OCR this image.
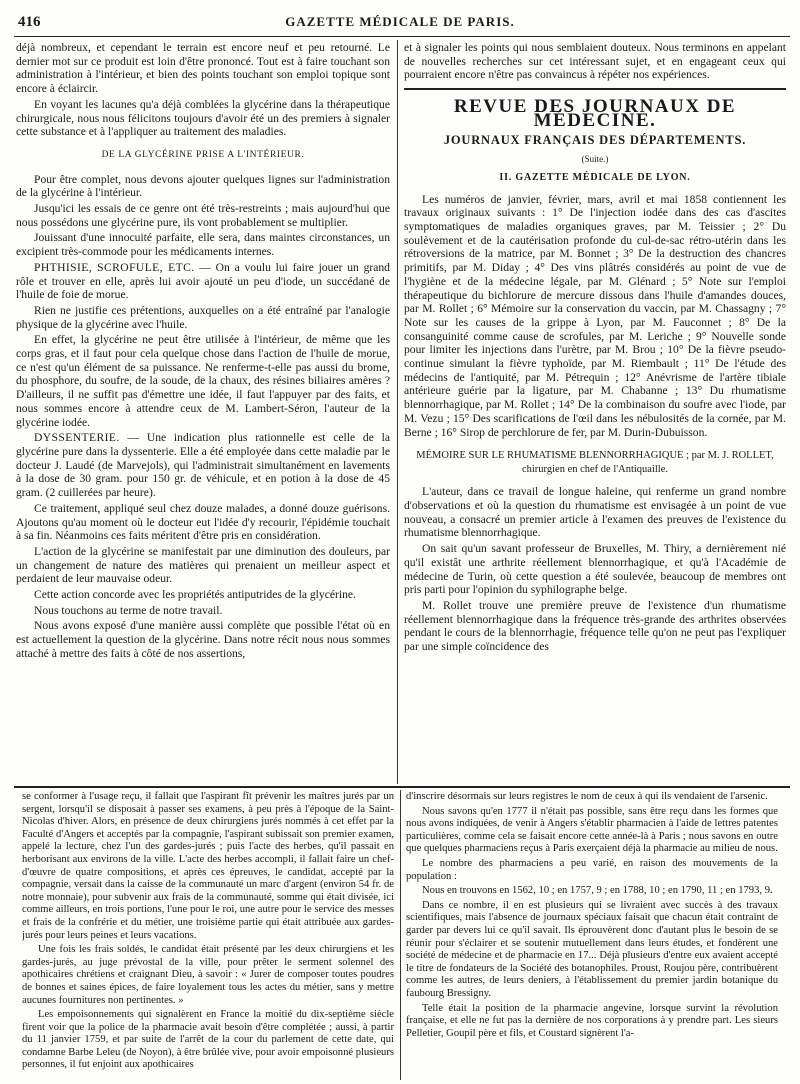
416	GAZETTE MÉDICALE DE PARIS.

déjà nombreux, et cependant le terrain est encore neuf et peu retourné. Le dernier mot sur ce produit est loin d'être prononcé. Tout est à faire touchant son administration à l'intérieur, et bien des points touchant son emploi topique sont encore à éclaircir.

En voyant les lacunes qu'a déjà comblées la glycérine dans la thérapeutique chirurgicale, nous nous félicitons toujours d'avoir été un des premiers à signaler cette substance et à l'appliquer au traitement des maladies.

DE LA GLYCÉRINE PRISE A L'INTÉRIEUR.

Pour être complet, nous devons ajouter quelques lignes sur l'administration de la glycérine à l'intérieur.

Jusqu'ici les essais de ce genre ont été très-restreints ; mais aujourd'hui que nous possédons une glycérine pure, ils vont probablement se multiplier.

Jouissant d'une innocuité parfaite, elle sera, dans maintes circonstances, un excipient très-commode pour les médicaments internes.

PHTHISIE, SCROFULE, ETC. — On a voulu lui faire jouer un grand rôle et trouver en elle, après lui avoir ajouté un peu d'iode, un succédané de l'huile de foie de morue.

Rien ne justifie ces prétentions, auxquelles on a été entraîné par l'analogie physique de la glycérine avec l'huile.

En effet, la glycérine ne peut être utilisée à l'intérieur, de même que les corps gras, et il faut pour cela quelque chose dans l'action de l'huile de morue, ce n'est qu'un élément de sa puissance. Ne renferme-t-elle pas aussi du brome, du phosphore, du soufre, de la soude, de la chaux, des résines biliaires amères ? D'ailleurs, il ne suffit pas d'émettre une idée, il faut l'appuyer par des faits, et nous sommes encore à attendre ceux de M. Lambert-Séron, l'auteur de la glycérine iodée.

DYSSENTERIE. — Une indication plus rationnelle est celle de la glycérine pure dans la dyssenterie. Elle a été employée dans cette maladie par le docteur J. Laudé (de Marvejols), qui l'administrait simultanément en lavements à la dose de 30 gram. pour 150 gr. de véhicule, et en potion à la dose de 45 gram. (2 cuillerées par heure).

Ce traitement, appliqué seul chez douze malades, a donné douze guérisons. Ajoutons qu'au moment où le docteur eut l'idée d'y recourir, l'épidémie touchait à sa fin. Néanmoins ces faits méritent d'être pris en considération.

L'action de la glycérine se manifestait par une diminution des douleurs, par un changement de nature des matières qui prenaient un meilleur aspect et perdaient de leur mauvaise odeur.

Cette action concorde avec les propriétés antiputrides de la glycérine.

Nous touchons au terme de notre travail.

Nous avons exposé d'une manière aussi complète que possible l'état où en est actuellement la question de la glycérine. Dans notre récit nous nous sommes attaché à mettre des faits à côté de nos assertions,

et à signaler les points qui nous semblaient douteux. Nous terminons en appelant de nouvelles recherches sur cet intéressant sujet, et en engageant ceux qui pourraient encore n'être pas convaincus à répéter nos expériences.

REVUE DES JOURNAUX DE MÉDECINE.
JOURNAUX FRANÇAIS DES DÉPARTEMENTS.
(Suite.)
II. GAZETTE MÉDICALE DE LYON.

Les numéros de janvier, février, mars, avril et mai 1858 contiennent les travaux originaux suivants : 1° De l'injection iodée dans des cas d'ascites symptomatiques de maladies organiques graves, par M. Teissier ; 2° Du soulèvement et de la cautérisation profonde du cul-de-sac rétro-utérin dans les rétroversions de la matrice, par M. Bonnet ; 3° De la destruction des chancres primitifs, par M. Diday ; 4° Des vins plâtrés considérés au point de vue de l'hygiène et de la médecine légale, par M. Glénard ; 5° Note sur l'emploi thérapeutique du bichlorure de mercure dissous dans l'huile d'amandes douces, par M. Rollet ; 6° Mémoire sur la conservation du vaccin, par M. Chassagny ; 7° Note sur les causes de la grippe à Lyon, par M. Fauconnet ; 8° De la consanguinité comme cause de scrofules, par M. Leriche ; 9° Nouvelle sonde pour limiter les injections dans l'urètre, par M. Brou ; 10° De la fièvre pseudo-continue simulant la fièvre typhoïde, par M. Riembault ; 11° De l'étude des médecins de l'antiquité, par M. Pétrequin ; 12° Anévrisme de l'artère tibiale antérieure guérie par la ligature, par M. Chabanne ; 13° Du rhumatisme blennorrhagique, par M. Rollet ; 14° De la combinaison du soufre avec l'iode, par M. Vezu ; 15° Des scarifications de l'œil dans les nébulosités de la cornée, par M. Berne ; 16° Sirop de perchlorure de fer, par M. Durin-Dubuisson.

MÉMOIRE SUR LE RHUMATISME BLENNORRHAGIQUE ; par M. J. ROLLET,
chirurgien en chef de l'Antiquaille.

L'auteur, dans ce travail de longue haleine, qui renferme un grand nombre d'observations et où la question du rhumatisme est envisagée à un point de vue nouveau, a consacré un premier article à l'examen des preuves de l'existence du rhumatisme blennorrhagique.

On sait qu'un savant professeur de Bruxelles, M. Thiry, a dernièrement nié qu'il existât une arthrite réellement blennorrhagique, et qu'à l'Académie de médecine de Turin, où cette question a été soulevée, beaucoup de membres ont pris parti pour l'opinion du syphilographe belge.

M. Rollet trouve une première preuve de l'existence d'un rhumatisme réellement blennorrhagique dans la fréquence très-grande des arthrites observées pendant le cours de la blennorrhagie, fréquence telle qu'on ne peut pas l'expliquer par une simple coïncidence des

se conformer à l'usage reçu, il fallait que l'aspirant fît prévenir les maîtres jurés par un sergent, lorsqu'il se disposait à passer ses examens, à peu près à l'époque de la Saint-Nicolas d'hiver. Alors, en présence de deux chirurgiens jurés nommés à cet effet par la Faculté d'Angers et acceptés par la compagnie, l'aspirant subissait son premier examen, appelé la lecture, chez l'un des gardes-jurés ; puis l'acte des herbes, qu'il passait en herborisant aux environs de la ville. L'acte des herbes accompli, il fallait faire un chef-d'œuvre de quatre compositions, et après ces épreuves, le candidat, accepté par la compagnie, versait dans la caisse de la communauté un marc d'argent (environ 54 fr. de notre monnaie), pour subvenir aux frais de la communauté, somme qui était divisée, ici comme ailleurs, en trois portions, l'une pour le roi, une autre pour le service des messes et frais de la confrérie et du métier, une troisième partie qui était attribuée aux gardes-jurés pour leurs peines et leurs vacations.

Une fois les frais soldés, le candidat était présenté par les deux chirurgiens et les gardes-jurés, au juge prévostal de la ville, pour prêter le serment solennel des apothicaires chrétiens et craignant Dieu, à savoir : « Jurer de composer toutes poudres de bonnes et saines épices, de faire loyalement tous les actes du métier, sans y mettre aucunes fournitures non pertinentes. »

Les empoisonnements qui signalèrent en France la moitié du dix-septième siècle firent voir que la police de la pharmacie avait besoin d'être complétée ; aussi, à partir du 11 janvier 1759, et par suite de l'arrêt de la cour du parlement de cette date, qui condamne Barbe Leleu (de Noyon), à être brûlée vive, pour avoir empoisonné plusieurs personnes, il fut enjoint aux apothicaires

d'inscrire désormais sur leurs registres le nom de ceux à qui ils vendaient de l'arsenic.

Nous savons qu'en 1777 il n'était pas possible, sans être reçu dans les formes que nous avons indiquées, de venir à Angers s'établir pharmacien à l'aide de lettres patentes particulières, comme cela se faisait encore cette année-là à Paris ; nous savons en outre que quelques pharmaciens reçus à Paris exerçaient déjà la pharmacie au milieu de nous.

Le nombre des pharmaciens a peu varié, en raison des mouvements de la population :

Nous en trouvons en 1562, 10 ; en 1757, 9 ; en 1788, 10 ; en 1790, 11 ; en 1793, 9.

Dans ce nombre, il en est plusieurs qui se livraient avec succès à des travaux scientifiques, mais l'absence de journaux spéciaux faisait que chacun était contraint de garder par devers lui ce qu'il savait. Ils éprouvèrent donc d'autant plus le besoin de se réunir pour s'éclairer et se soutenir mutuellement dans leurs études, et fondèrent une société de médecine et de pharmacie en 17... Déjà plusieurs d'entre eux avaient accepté le titre de fondateurs de la Société des botanophiles. Proust, Roujou père, contribuèrent comme les autres, de leurs deniers, à l'établissement du premier jardin botanique du faubourg Bressigny.

Telle était la position de la pharmacie angevine, lorsque survint la révolution française, et elle ne fut pas la dernière de nos corporations à y prendre part. Les sieurs Pelletier, Goupil père et fils, et Coustard signèrent l'a-
